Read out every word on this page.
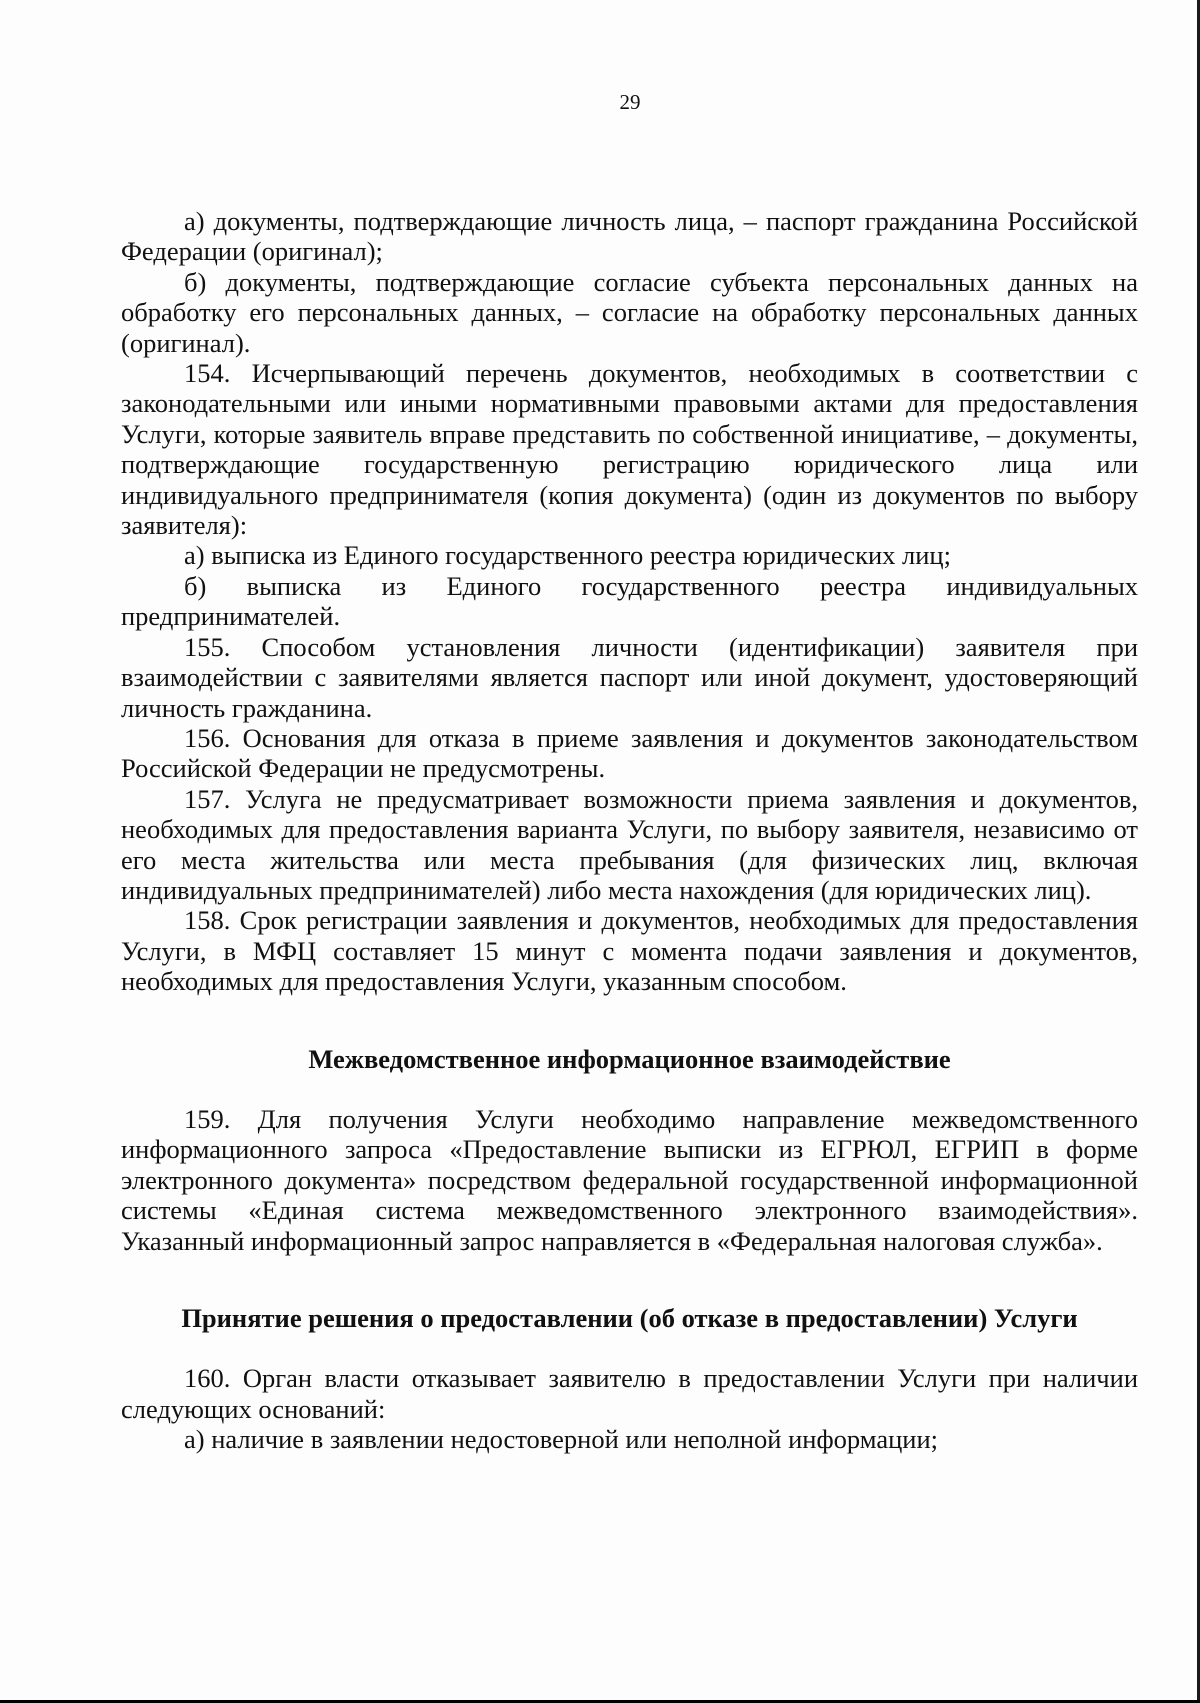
29

а) документы, подтверждающие личность лица, – паспорт гражданина Российской Федерации (оригинал);

б) документы, подтверждающие согласие субъекта персональных данных на обработку его персональных данных, – согласие на обработку персональных данных (оригинал).

154. Исчерпывающий перечень документов, необходимых в соответствии с законодательными или иными нормативными правовыми актами для предоставления Услуги, которые заявитель вправе представить по собственной инициативе, – документы, подтверждающие государственную регистрацию юридического лица или индивидуального предпринимателя (копия документа) (один из документов по выбору заявителя):

а) выписка из Единого государственного реестра юридических лиц;

б) выписка из Единого государственного реестра индивидуальных предпринимателей.

155. Способом установления личности (идентификации) заявителя при взаимодействии с заявителями является паспорт или иной документ, удостоверяющий личность гражданина.

156. Основания для отказа в приеме заявления и документов законодательством Российской Федерации не предусмотрены.

157. Услуга не предусматривает возможности приема заявления и документов, необходимых для предоставления варианта Услуги, по выбору заявителя, независимо от его места жительства или места пребывания (для физических лиц, включая индивидуальных предпринимателей) либо места нахождения (для юридических лиц).

158. Срок регистрации заявления и документов, необходимых для предоставления Услуги, в МФЦ составляет 15 минут с момента подачи заявления и документов, необходимых для предоставления Услуги, указанным способом.

Межведомственное информационное взаимодействие

159. Для получения Услуги необходимо направление межведомственного информационного запроса «Предоставление выписки из ЕГРЮЛ, ЕГРИП в форме электронного документа» посредством федеральной государственной информационной системы «Единая система межведомственного электронного взаимодействия». Указанный информационный запрос направляется в «Федеральная налоговая служба».

Принятие решения о предоставлении (об отказе в предоставлении) Услуги

160. Орган власти отказывает заявителю в предоставлении Услуги при наличии следующих оснований:

а) наличие в заявлении недостоверной или неполной информации;
